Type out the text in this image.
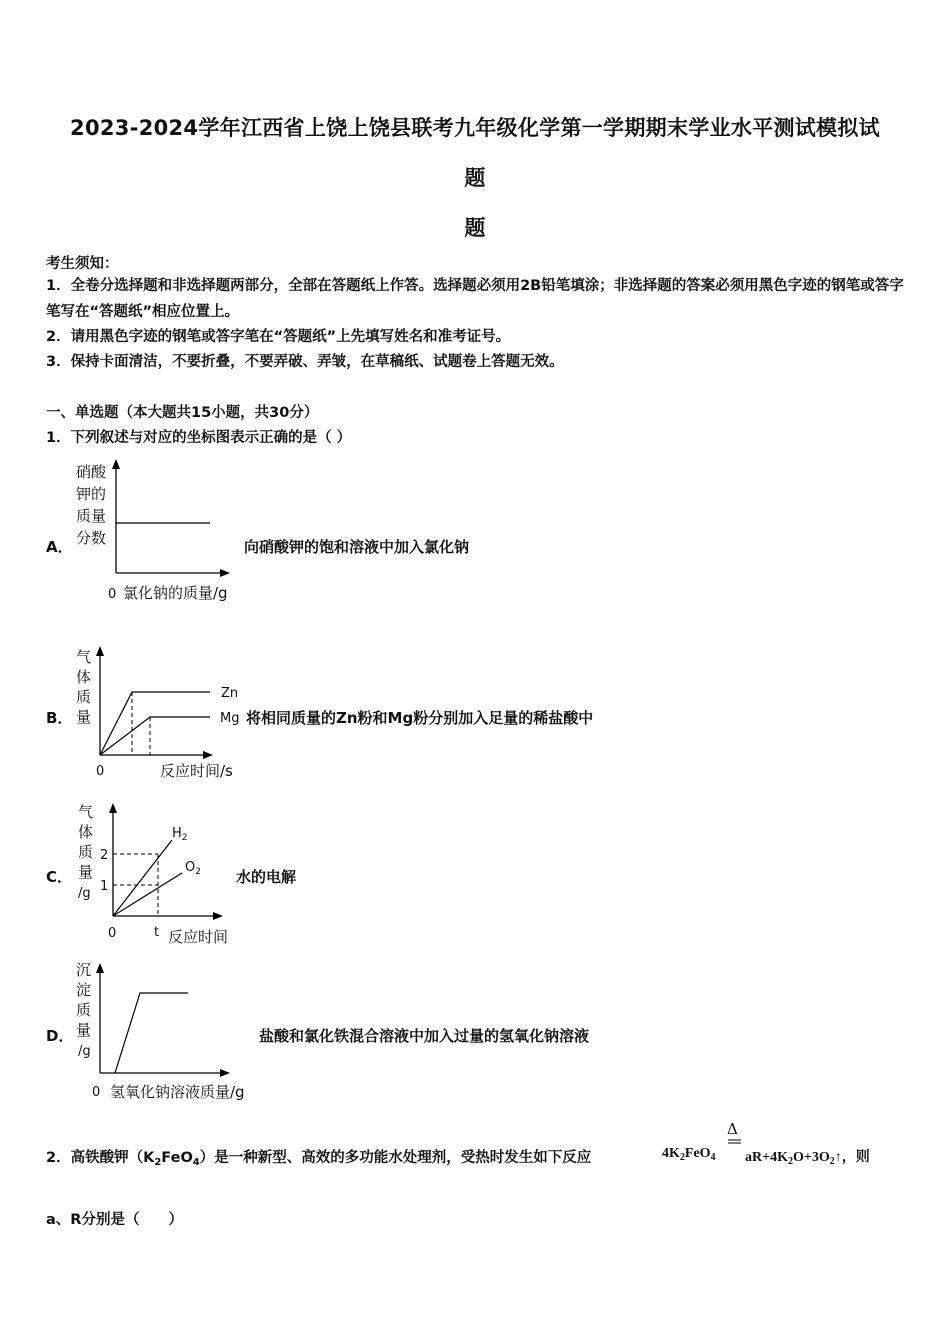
2023-2024学年江西省上饶上饶县联考九年级化学第一学期期末学业水平测试模拟试
题
题
考生须知：
1．全卷分选择题和非选择题两部分，全部在答题纸上作答。选择题必须用2B铅笔填涂；非选择题的答案必须用黑色字迹的钢笔或答字笔写在“答题纸”相应位置上。
2．请用黑色字迹的钢笔或答字笔在“答题纸”上先填写姓名和准考证号。
3．保持卡面清洁，不要折叠，不要弄破、弄皱，在草稿纸、试题卷上答题无效。
一、单选题（本大题共15小题，共30分）
1．下列叙述与对应的坐标图表示正确的是（ ）
A．
硝酸
钾的
质量
分数
0 氯化钠的质量/g
向硝酸钾的饱和溶液中加入氯化钠
B．
气
体
质
量
Zn
Mg
0	反应时间/s
将相同质量的Zn粉和Mg粉分别加入足量的稀盐酸中
C．
气
体
质
量
/g
2
1
$H_2$
$O_2$
0	t 反应时间
水的电解
D．
沉
淀
质
量
/g
0 氢氧化钠溶液质量/g
盐酸和氯化铁混合溶液中加入过量的氢氧化钠溶液
2．高铁酸钾$(K_2FeO_4)$是一种新型、高效的多功能水处理剂，受热时发生如下反应	$4K_2FeO_4$
Δ
$aR+4K_2O+3O_2↑$，则
a、R分别是（　　）
